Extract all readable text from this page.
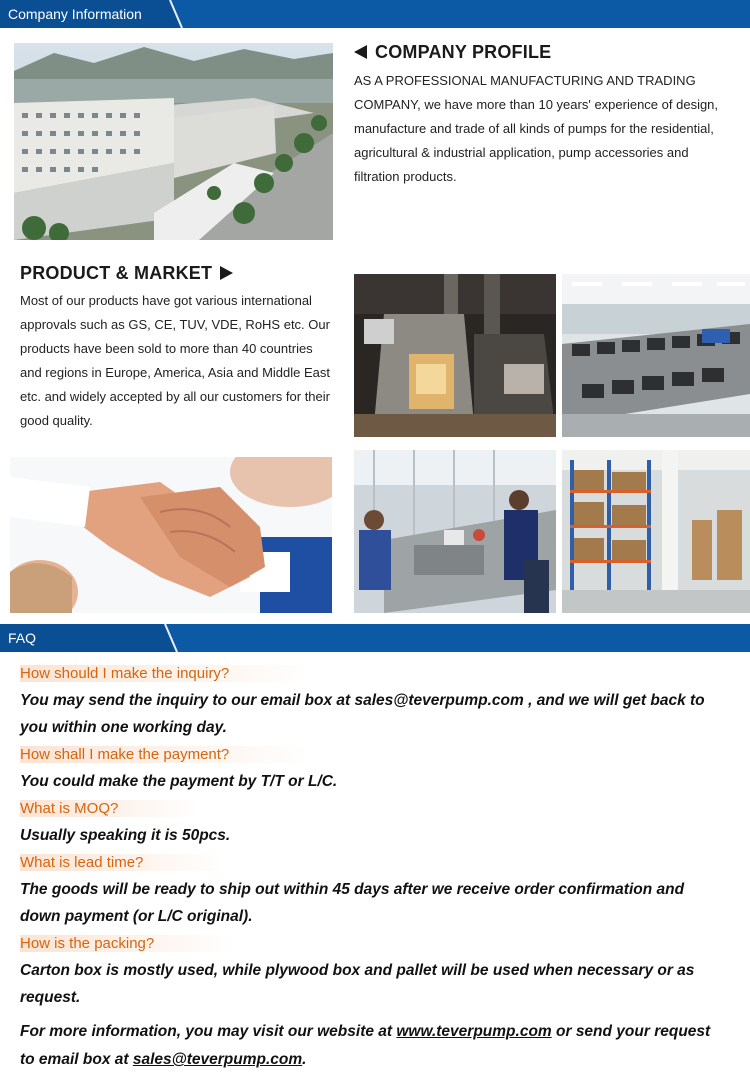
Company Information
COMPANY PROFILE
AS A PROFESSIONAL MANUFACTURING AND TRADING COMPANY, we have more than 10 years' experience of design, manufacture and trade of all kinds of pumps for the residential, agricultural & industrial application, pump accessories and filtration products.
PRODUCT & MARKET
Most of our products have got various international approvals such as GS, CE, TUV, VDE, RoHS etc. Our products have been sold to more than 40 countries and regions in Europe, America, Asia and Middle East etc. and widely accepted by all our customers for their good quality.
FAQ
How should I make the inquiry?
You may send the inquiry to our email box at sales@teverpump.com , and we will get back to you within one working day.
How shall I make the payment?
You could make the payment by T/T or L/C.
What is MOQ?
Usually speaking it is 50pcs.
What is lead time?
The goods will be ready to ship out within 45 days after we receive order confirmation and down payment (or L/C original).
How is the packing?
Carton box is mostly used, while plywood box and pallet will be used when necessary or as request.
For more information, you may visit our website at www.teverpump.com or send your request to email box at sales@teverpump.com.
